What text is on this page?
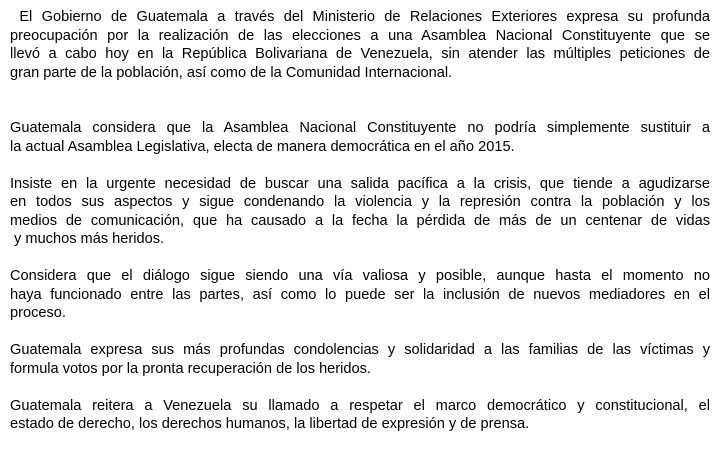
El Gobierno de Guatemala a través del Ministerio de Relaciones Exteriores expresa su profunda
preocupación por la realización de las elecciones a una Asamblea Nacional Constituyente que se
llevó a cabo hoy en la República Bolivariana de Venezuela, sin atender las múltiples peticiones de
gran parte de la población, así como de la Comunidad Internacional.
Guatemala considera que la Asamblea Nacional Constituyente no podría simplemente sustituir a
la actual Asamblea Legislativa, electa de manera democrática en el año 2015.
Insiste en la urgente necesidad de buscar una salida pacífica a la crisis, que tiende a agudizarse
en todos sus aspectos y sigue condenando la violencia y la represión contra la población y los
medios de comunicación, que ha causado a la fecha la pérdida de más de un centenar de vidas
y muchos más heridos.
Considera que el diálogo sigue siendo una vía valiosa y posible, aunque hasta el momento no
haya funcionado entre las partes, así como lo puede ser la inclusión de nuevos mediadores en el
proceso.
Guatemala expresa sus más profundas condolencias y solidaridad a las familias de las víctimas y
formula votos por la pronta recuperación de los heridos.
Guatemala reitera a Venezuela su llamado a respetar el marco democrático y constitucional, el
estado de derecho, los derechos humanos, la libertad de expresión y de prensa.
